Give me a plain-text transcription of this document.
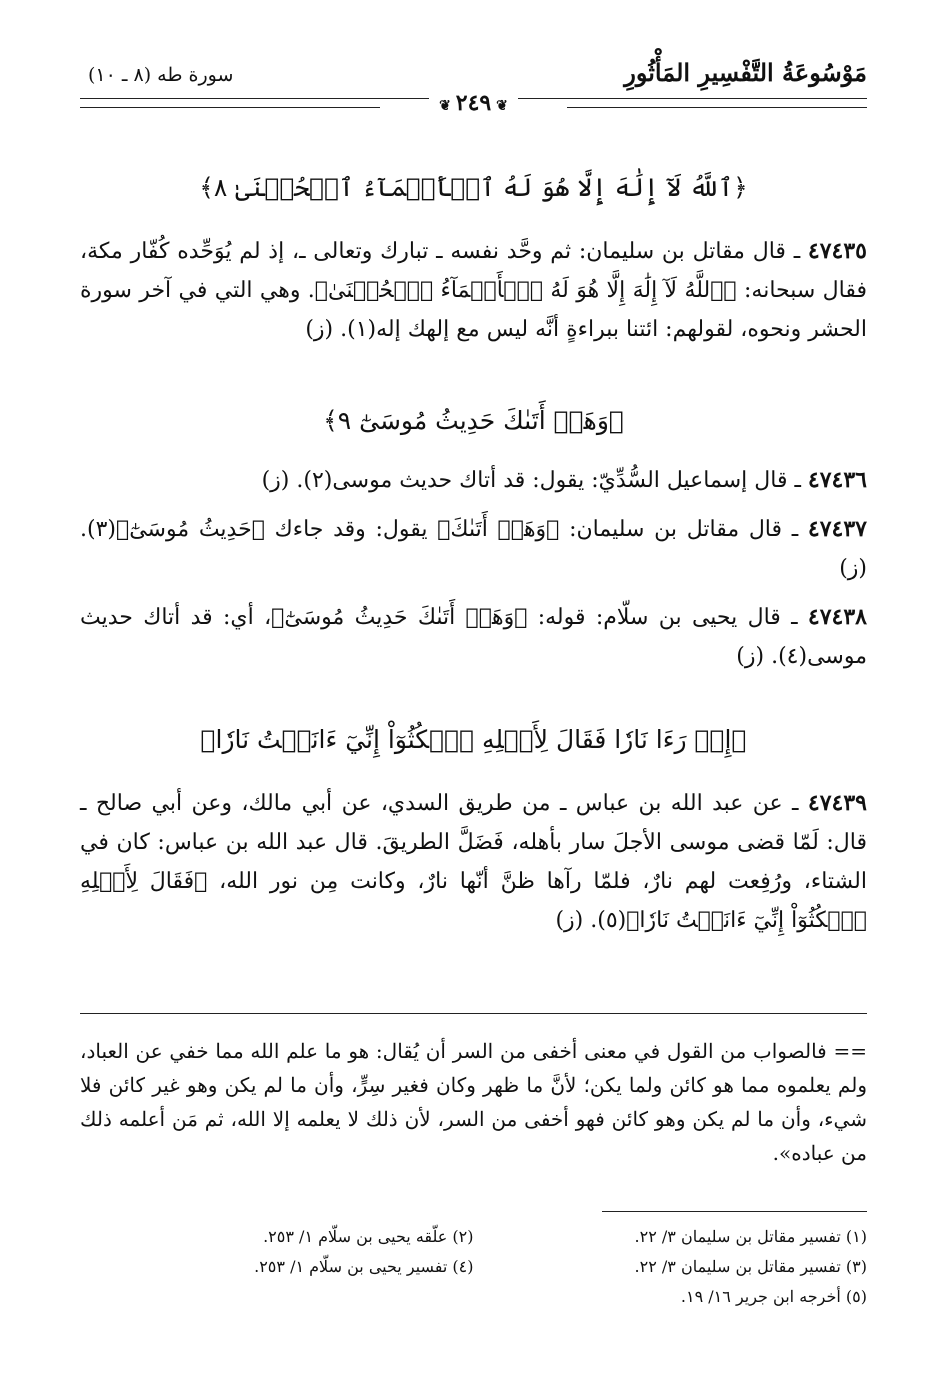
مَوْسُوعَةُ التَّفْسِيرِ المَأْثُورِ
سورة طه (٨ ـ ١٠)
❦ ٢٤٩ ❦

﴿ٱللَّهُ لَآ إِلَٰهَ إِلَّا هُوَ لَهُ ٱلۡأَسۡمَآءُ ٱلۡحُسۡنَىٰ ٨﴾

٤٧٤٣٥ ـ قال مقاتل بن سليمان: ثم وحَّد نفسه ـ تبارك وتعالى ـ، إذ لم يُوَحِّده كُفّار مكة، فقال سبحانه: ﴿ٱللَّهُ لَآ إِلَٰهَ إِلَّا هُوَ لَهُ ٱلۡأَسۡمَآءُ ٱلۡحُسۡنَىٰ﴾. وهي التي في آخر سورة الحشر ونحوه، لقولهم: ائتنا ببراءةٍ أنَّه ليس مع إلهك إله(١). (ز)

﴿وَهَلۡ أَتَىٰكَ حَدِيثُ مُوسَىٰٓ ٩﴾

٤٧٤٣٦ ـ قال إسماعيل السُّدِّيّ: يقول: قد أتاك حديث موسى(٢). (ز)

٤٧٤٣٧ ـ قال مقاتل بن سليمان: ﴿وَهَلۡ أَتَىٰكَ﴾ يقول: وقد جاءك ﴿حَدِيثُ مُوسَىٰٓ﴾(٣). (ز)

٤٧٤٣٨ ـ قال يحيى بن سلّام: قوله: ﴿وَهَلۡ أَتَىٰكَ حَدِيثُ مُوسَىٰٓ﴾، أي: قد أتاك حديث موسى(٤). (ز)

﴿إِذۡ رَءَا نَارٗا فَقَالَ لِأَهۡلِهِ ٱمۡكُثُوٓاْ إِنِّيٓ ءَانَسۡتُ نَارٗا﴾

٤٧٤٣٩ ـ عن عبد الله بن عباس ـ من طريق السدي، عن أبي مالك، وعن أبي صالح ـ قال: لَمّا قضى موسى الأجلَ سار بأهله، فَضَلَّ الطريقَ. قال عبد الله بن عباس: كان في الشتاء، ورُفِعت لهم نارٌ، فلمّا رآها ظنَّ أنّها نارٌ، وكانت مِن نور الله، ﴿فَقَالَ لِأَهۡلِهِ ٱمۡكُثُوٓاْ إِنِّيٓ ءَانَسۡتُ نَارٗا﴾(٥). (ز)

== فالصواب من القول في معنى أخفى من السر أن يُقال: هو ما علم الله مما خفي عن العباد، ولم يعلموه مما هو كائن ولما يكن؛ لأنَّ ما ظهر وكان فغير سِرٍّ، وأن ما لم يكن وهو غير كائن فلا شيء، وأن ما لم يكن وهو كائن فهو أخفى من السر، لأن ذلك لا يعلمه إلا الله، ثم مَن أعلمه ذلك من عباده».
(١) تفسير مقاتل بن سليمان ٣/ ٢٢.
(٢) علّقه يحيى بن سلّام ١/ ٢٥٣.
(٣) تفسير مقاتل بن سليمان ٣/ ٢٢.
(٤) تفسير يحيى بن سلّام ١/ ٢٥٣.
(٥) أخرجه ابن جرير ١٦/ ١٩.
